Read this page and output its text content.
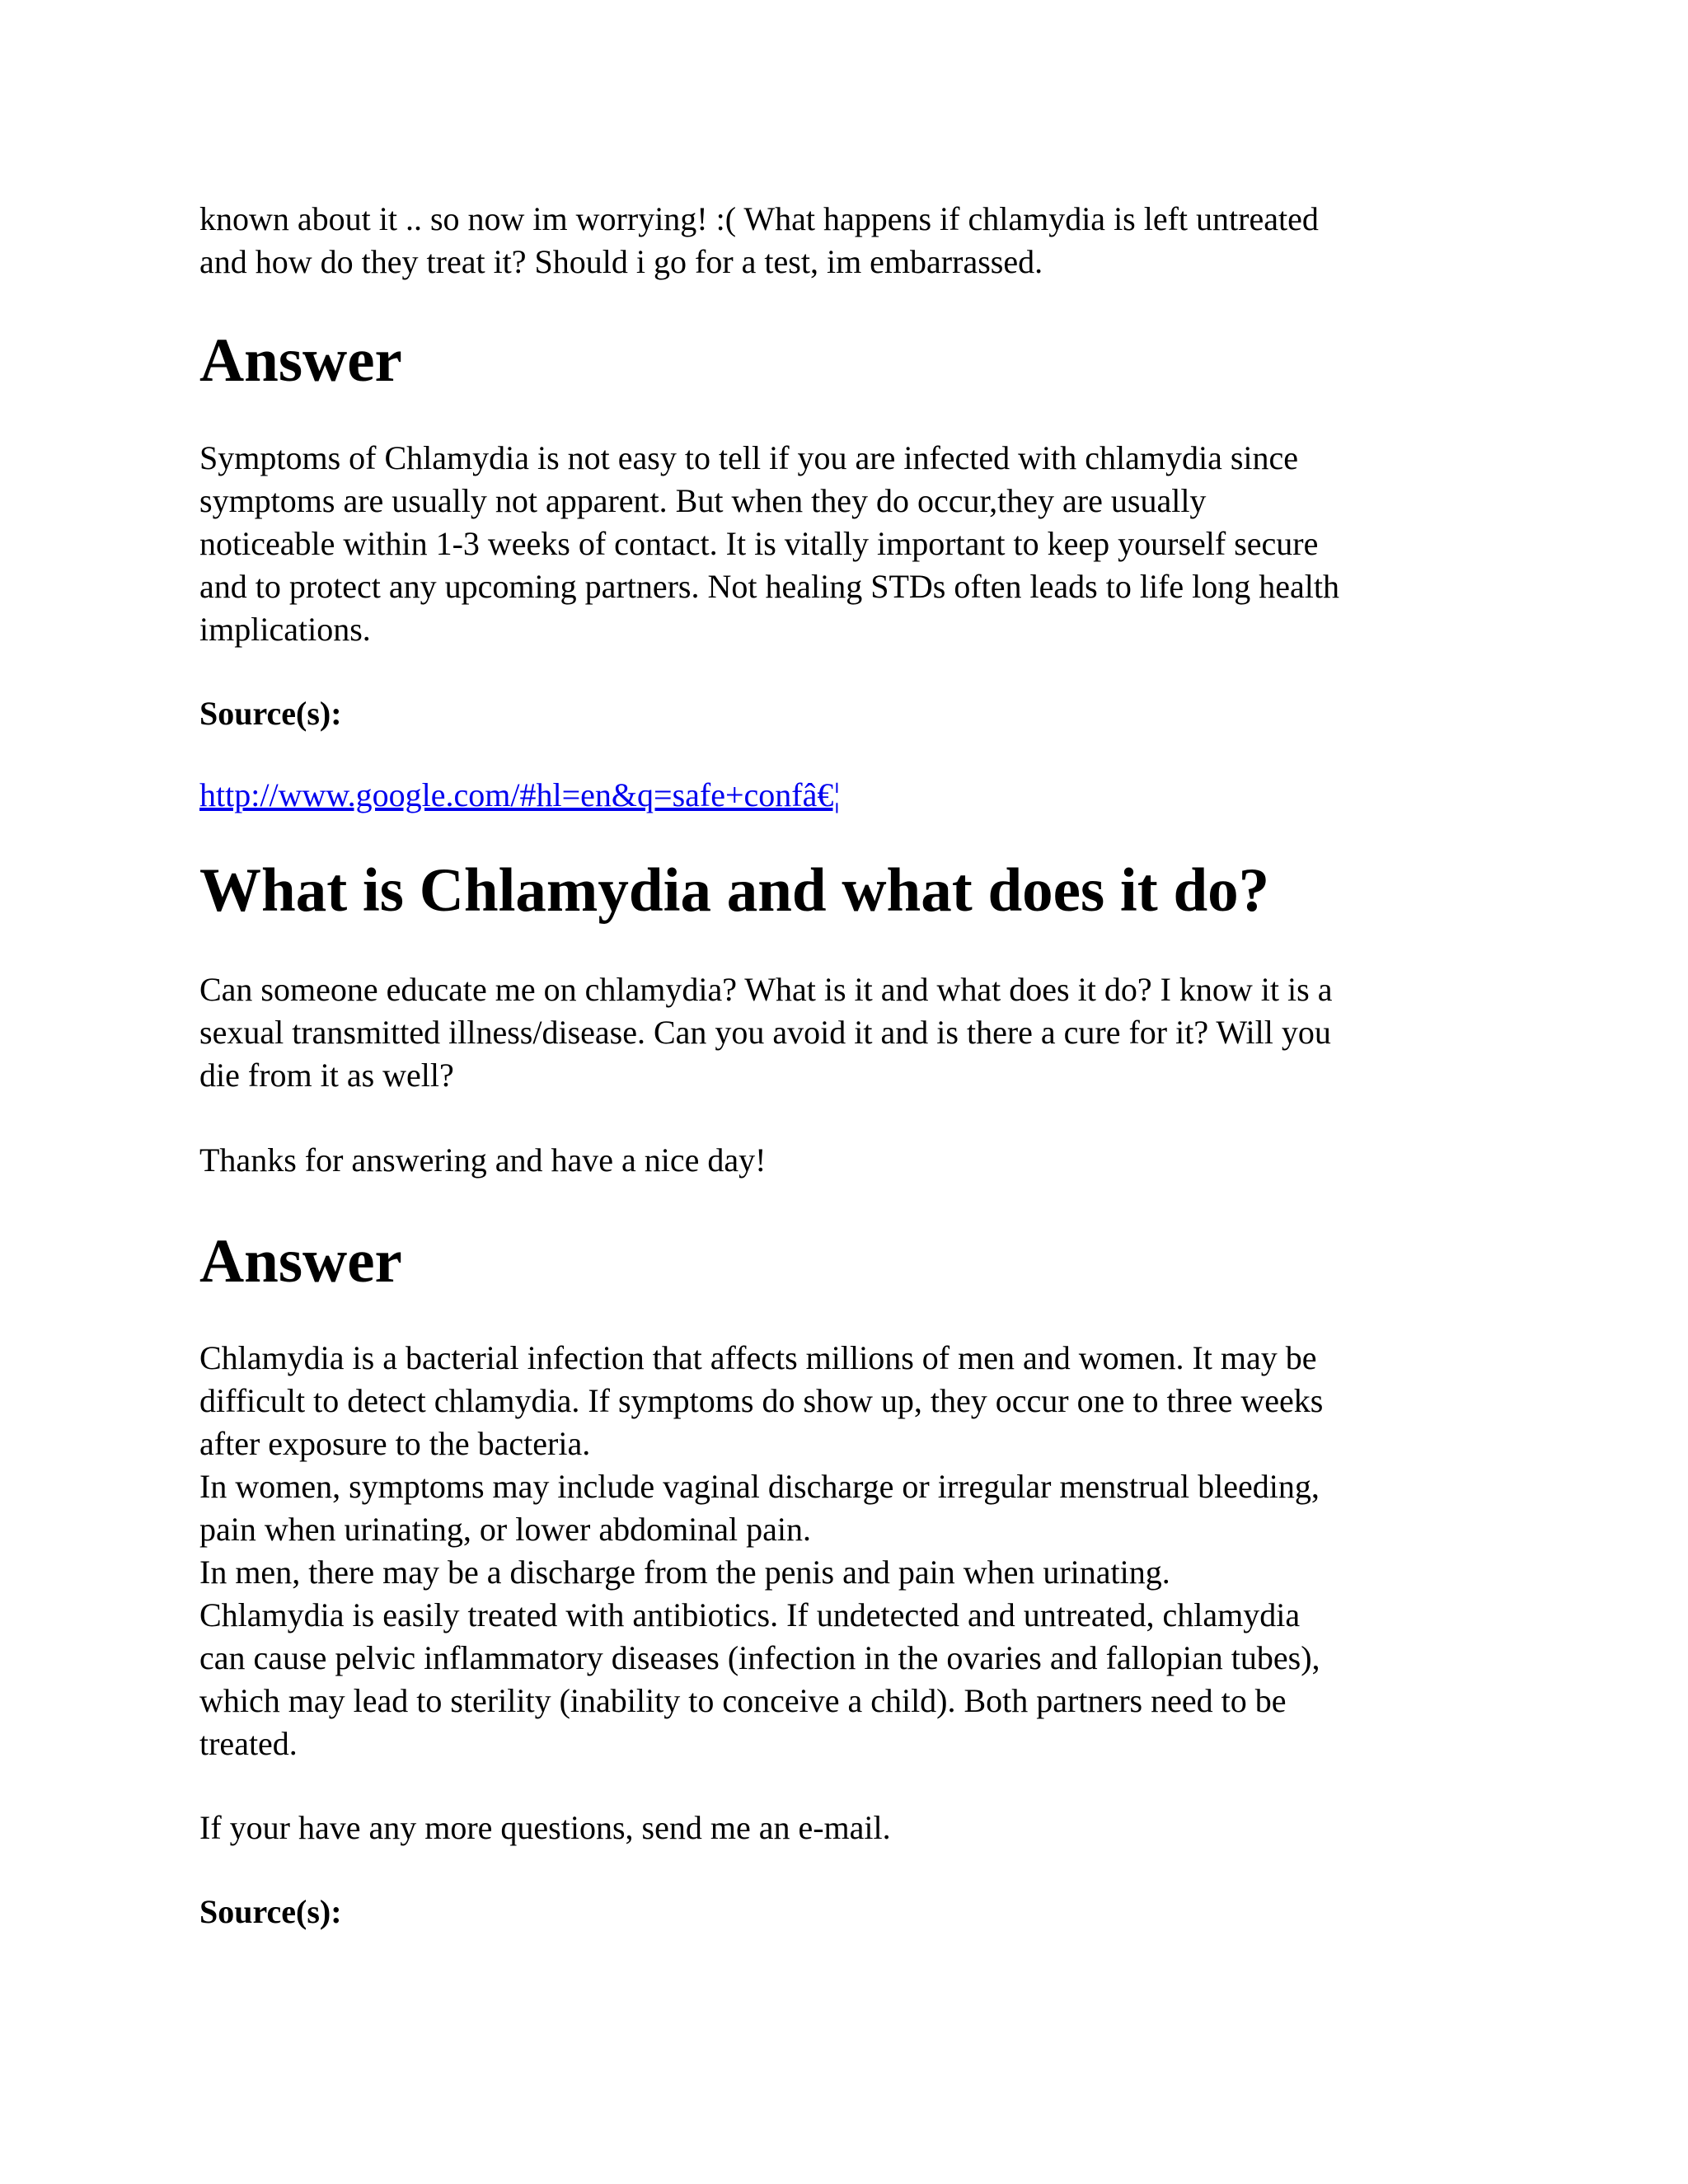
known about it .. so now im worrying! :( What happens if chlamydia is left untreated
and how do they treat it? Should i go for a test, im embarrassed.

Answer

Symptoms of Chlamydia is not easy to tell if you are infected with chlamydia since
symptoms are usually not apparent. But when they do occur,they are usually
noticeable within 1-3 weeks of contact. It is vitally important to keep yourself secure
and to protect any upcoming partners. Not healing STDs often leads to life long health
implications.

Source(s):

http://www.google.com/#hl=en&q=safe+confâ€¦
What is Chlamydia and what does it do?

Can someone educate me on chlamydia? What is it and what does it do? I know it is a
sexual transmitted illness/disease. Can you avoid it and is there a cure for it? Will you
die from it as well?

Thanks for answering and have a nice day!

Answer

Chlamydia is a bacterial infection that affects millions of men and women. It may be
difficult to detect chlamydia. If symptoms do show up, they occur one to three weeks
after exposure to the bacteria.
In women, symptoms may include vaginal discharge or irregular menstrual bleeding,
pain when urinating, or lower abdominal pain.
In men, there may be a discharge from the penis and pain when urinating.
Chlamydia is easily treated with antibiotics. If undetected and untreated, chlamydia
can cause pelvic inflammatory diseases (infection in the ovaries and fallopian tubes),
which may lead to sterility (inability to conceive a child). Both partners need to be
treated.

If your have any more questions, send me an e-mail.

Source(s):
